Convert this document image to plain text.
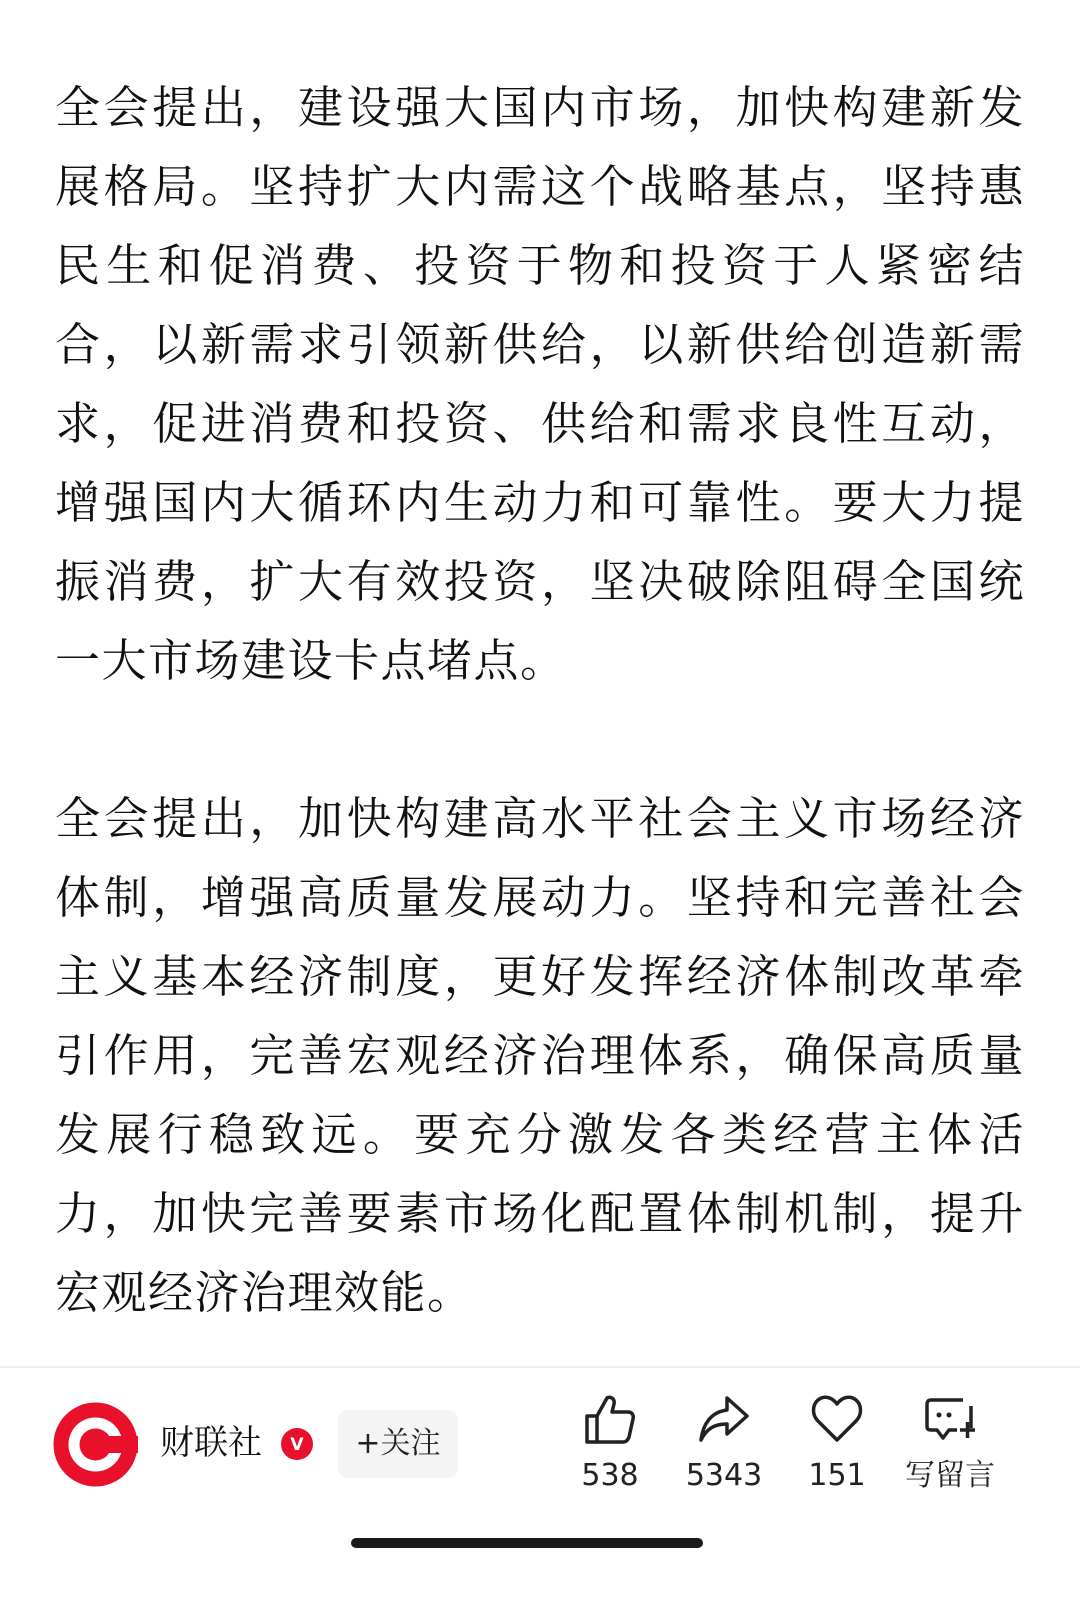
全会提出，建设强大国内市场，加快构建新发展格局。坚持扩大内需这个战略基点，坚持惠民生和促消费、投资于物和投资于人紧密结合，以新需求引领新供给，以新供给创造新需求，促进消费和投资、供给和需求良性互动，增强国内大循环内生动力和可靠性。要大力提振消费，扩大有效投资，坚决破除阻碍全国统一大市场建设卡点堵点。

全会提出，加快构建高水平社会主义市场经济体制，增强高质量发展动力。坚持和完善社会主义基本经济制度，更好发挥经济体制改革牵引作用，完善宏观经济治理体系，确保高质量发展行稳致远。要充分激发各类经营主体活力，加快完善要素市场化配置体制机制，提升宏观经济治理效能。

财联社 V	+关注
538	5343	151	写留言
